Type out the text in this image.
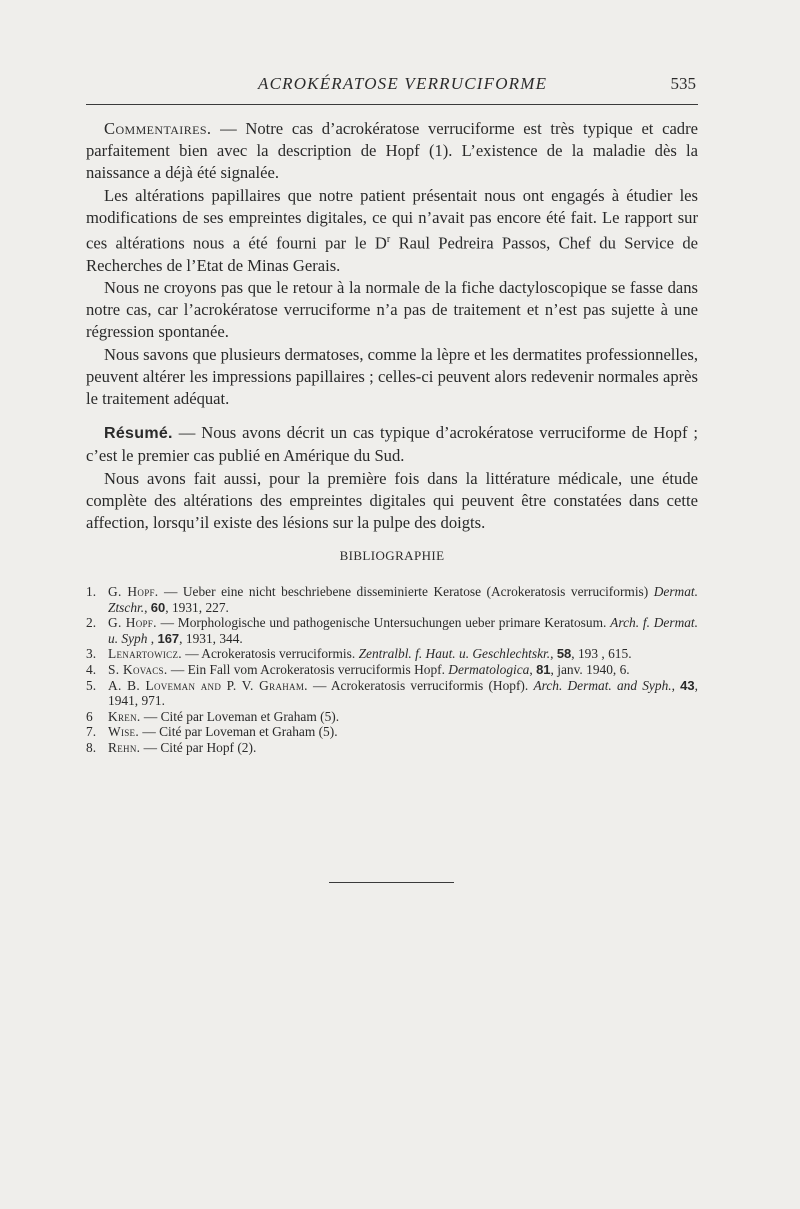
ACROKÉRATOSE VERRUCIFORME	535

Commentaires. — Notre cas d’acrokératose verruciforme est très typique et cadre parfaitement bien avec la description de Hopf (1). L’existence de la maladie dès la naissance a déjà été signalée.

Les altérations papillaires que notre patient présentait nous ont engagés à étudier les modifications de ses empreintes digitales, ce qui n’avait pas encore été fait. Le rapport sur ces altérations nous a été fourni par le $D^r$ Raul Pedreira Passos, Chef du Service de Recherches de l’Etat de Minas Gerais.

Nous ne croyons pas que le retour à la normale de la fiche dactyloscopique se fasse dans notre cas, car l’acrokératose verruciforme n’a pas de traitement et n’est pas sujette à une régression spontanée.

Nous savons que plusieurs dermatoses, comme la lèpre et les dermatites professionnelles, peuvent altérer les impressions papillaires ; celles-ci peuvent alors redevenir normales après le traitement adéquat.

Résumé. — Nous avons décrit un cas typique d’acrokératose verruciforme de Hopf ; c’est le premier cas publié en Amérique du Sud.

Nous avons fait aussi, pour la première fois dans la littérature médicale, une étude complète des altérations des empreintes digitales qui peuvent être constatées dans cette affection, lorsqu’il existe des lésions sur la pulpe des doigts.

BIBLIOGRAPHIE
1. G. Hopf. — Ueber eine nicht beschriebene disseminierte Keratose (Acrokeratosis verruciformis) Dermat. Ztschr., 60, 1931, 227.
2. G. Hopf. — Morphologische und pathogenische Untersuchungen ueber primare Keratosum. Arch. f. Dermat. u. Syph , 167, 1931, 344.
3. Lenartowicz. — Acrokeratosis verruciformis. Zentralbl. f. Haut. u. Geschlechtskr., 58, 193 , 615.
4. S. Kovacs. — Ein Fall vom Acrokeratosis verruciformis Hopf. Dermatologica, 81, janv. 1940, 6.
5. A. B. Loveman and P. V. Graham. — Acrokeratosis verruciformis (Hopf). Arch. Dermat. and Syph., 43, 1941, 971.
6 Kren. — Cité par Loveman et Graham (5).
7. Wise. — Cité par Loveman et Graham (5).
8. Rehn. — Cité par Hopf (2).
